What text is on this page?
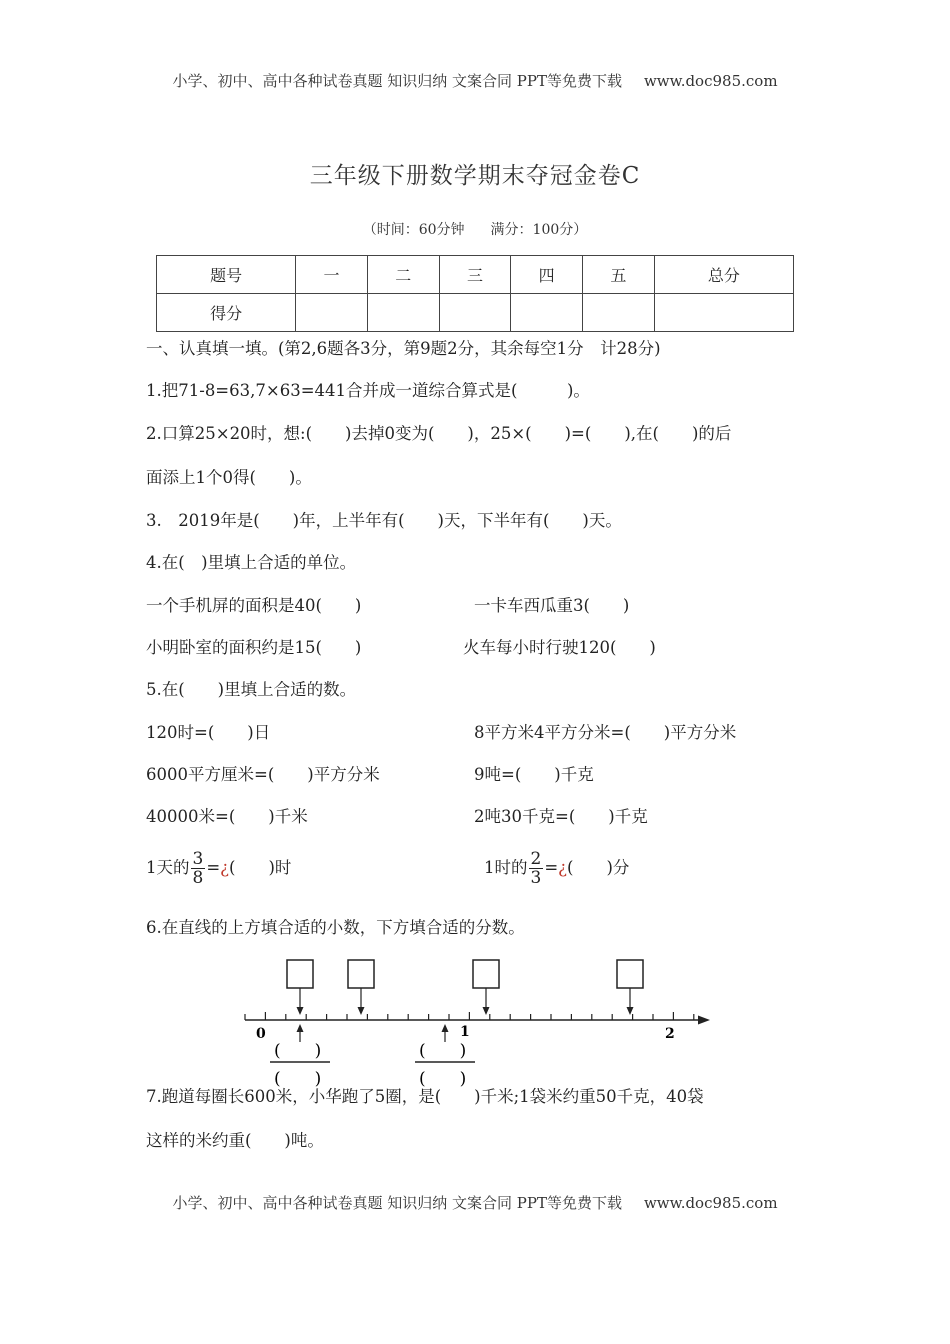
小学、初中、高中各种试卷真题 知识归纳 文案合同 PPT等免费下载 www.doc985.com
三年级下册数学期末夺冠金卷C
（时间：60分钟 满分：100分）
题号	一	二	三	四	五	总分
得分						
一、认真填一填。(第2,6题各3分，第9题2分，其余每空1分　计28分)
1.把71-8=63,7×63=441合并成一道综合算式是(　　　)。
2.口算25×20时，想:(　　)去掉0变为(　　)，25×(　　)=(　　),在(　　)的后
面添上1个0得(　　)。
3.　2019年是(　　)年，上半年有(　　)天，下半年有(　　)天。
4.在(　)里填上合适的单位。
一个手机屏的面积是40(　　)	一卡车西瓜重3(　　)
小明卧室的面积约是15(　　)	火车每小时行驶120(　　)
5.在(　　)里填上合适的数。
120时=(　　)日	8平方米4平方分米=(　　)平方分米
6000平方厘米=(　　)平方分米	9吨=(　　)千克
40000米=(　　)千米	2吨30千克=(　　)千克
1天的 $\frac{3}{8}$ =¿(　　)时	1时的 $\frac{2}{3}$ =¿(　　)分
6.在直线的上方填合适的小数，下方填合适的分数。
0	1	2
(　　)
(　　)
(　　)
(　　)
7.跑道每圈长600米，小华跑了5圈，是(　　)千米;1袋米约重50千克，40袋
这样的米约重(　　)吨。
小学、初中、高中各种试卷真题 知识归纳 文案合同 PPT等免费下载 www.doc985.com
